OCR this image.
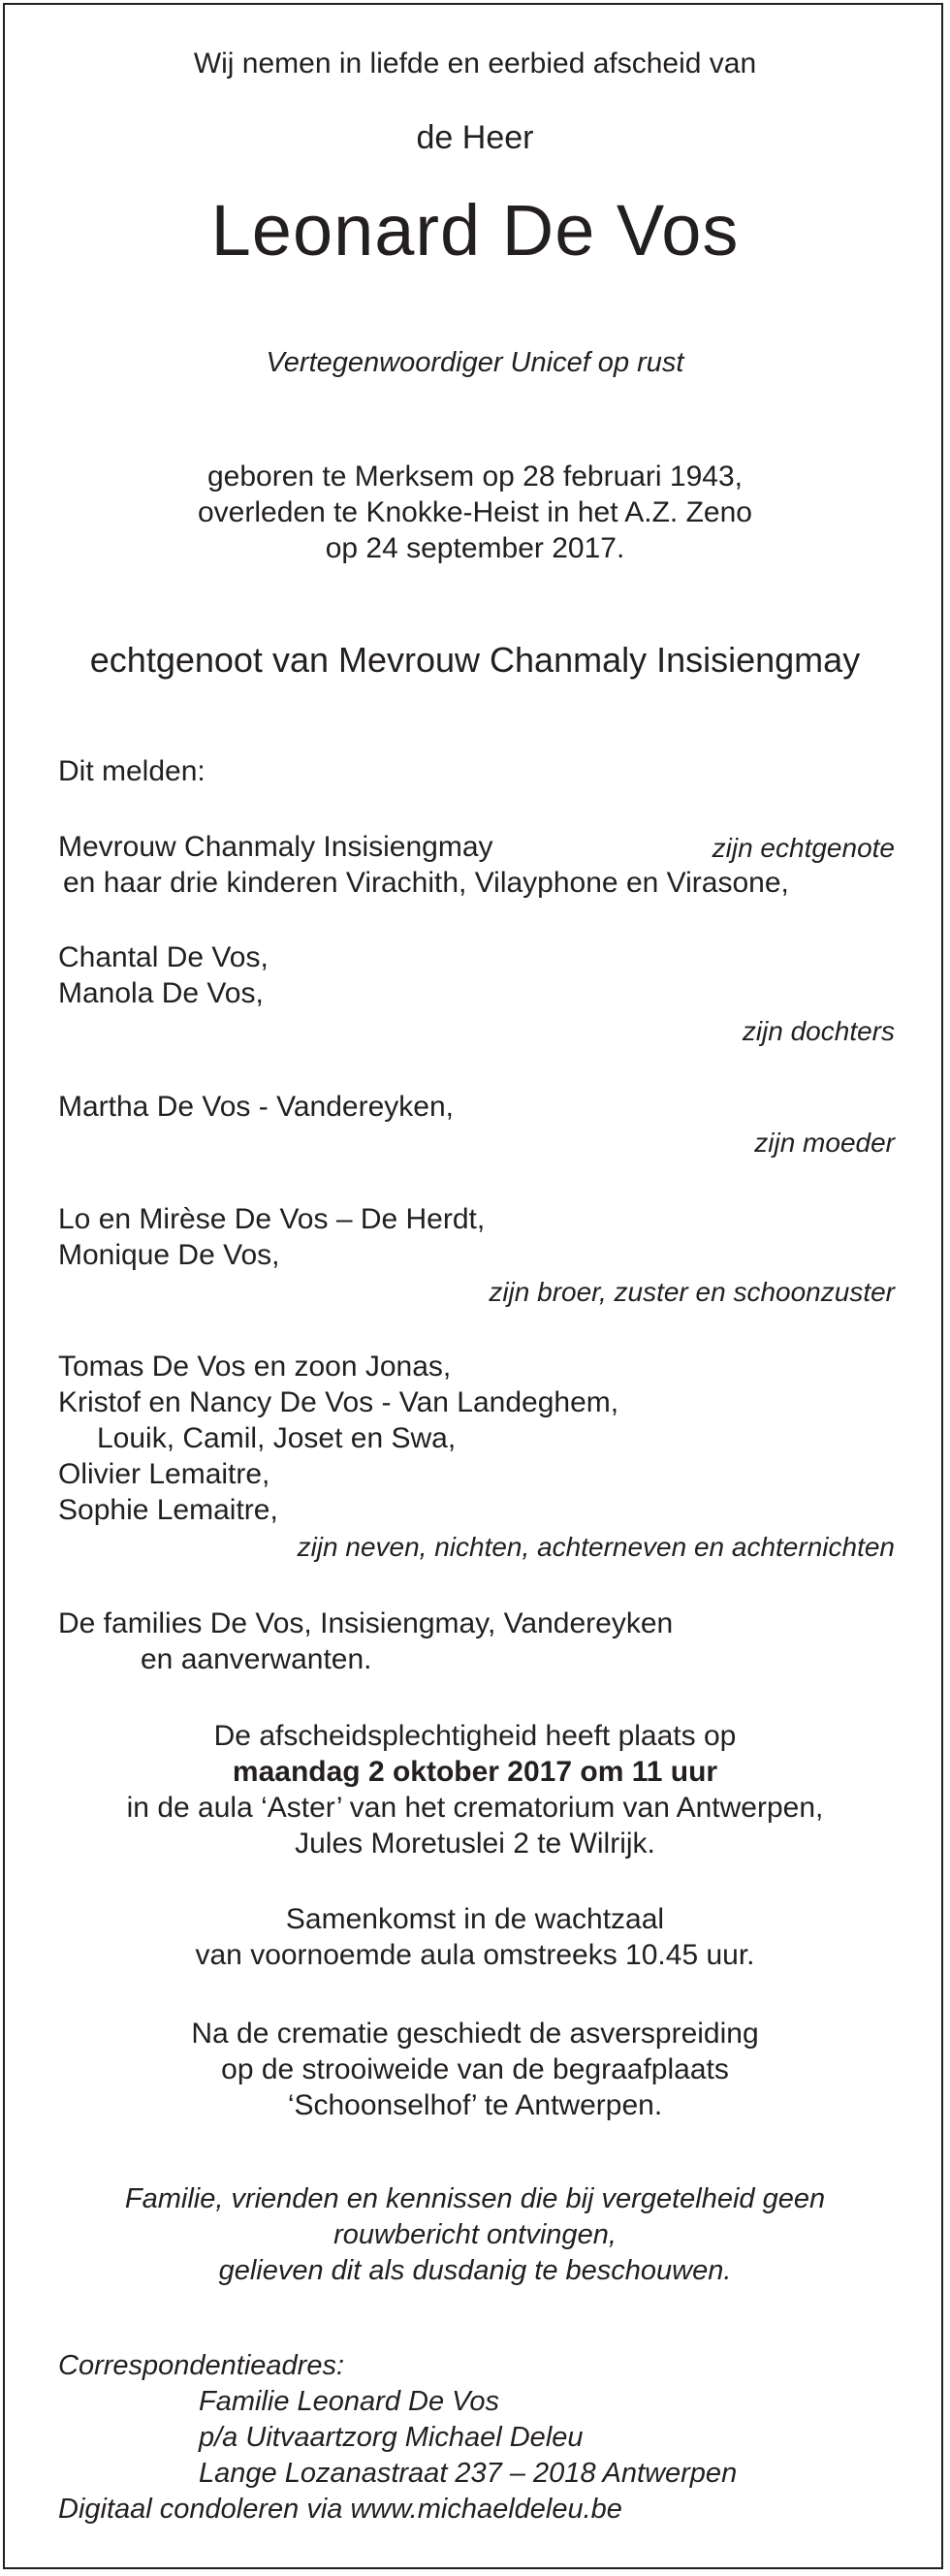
Wij nemen in liefde en eerbied afscheid van
de Heer
Leonard De Vos
Vertegenwoordiger Unicef op rust
geboren te Merksem op 28 februari 1943,
overleden te Knokke-Heist in het A.Z. Zeno
op 24 september 2017.
echtgenoot van Mevrouw Chanmaly Insisiengmay
Dit melden:
Mevrouw Chanmaly Insisiengmay	zijn echtgenote
en haar drie kinderen Virachith, Vilayphone en Virasone,
Chantal De Vos,
Manola De Vos,
zijn dochters
Martha De Vos - Vandereyken,
zijn moeder
Lo en Mirèse De Vos – De Herdt,
Monique De Vos,
zijn broer, zuster en schoonzuster
Tomas De Vos en zoon Jonas,
Kristof en Nancy De Vos - Van Landeghem,
Louik, Camil, Joset en Swa,
Olivier Lemaitre,
Sophie Lemaitre,
zijn neven, nichten, achterneven en achternichten
De families De Vos, Insisiengmay, Vandereyken
en aanverwanten.
De afscheidsplechtigheid heeft plaats op
maandag 2 oktober 2017 om 11 uur
in de aula ‘Aster’ van het crematorium van Antwerpen,
Jules Moretuslei 2 te Wilrijk.
Samenkomst in de wachtzaal
van voornoemde aula omstreeks 10.45 uur.
Na de crematie geschiedt de asverspreiding
op de strooiweide van de begraafplaats
‘Schoonselhof’ te Antwerpen.
Familie, vrienden en kennissen die bij vergetelheid geen
rouwbericht ontvingen,
gelieven dit als dusdanig te beschouwen.
Correspondentieadres:
Familie Leonard De Vos
p/a Uitvaartzorg Michael Deleu
Lange Lozanastraat 237 – 2018 Antwerpen
Digitaal condoleren via www.michaeldeleu.be
